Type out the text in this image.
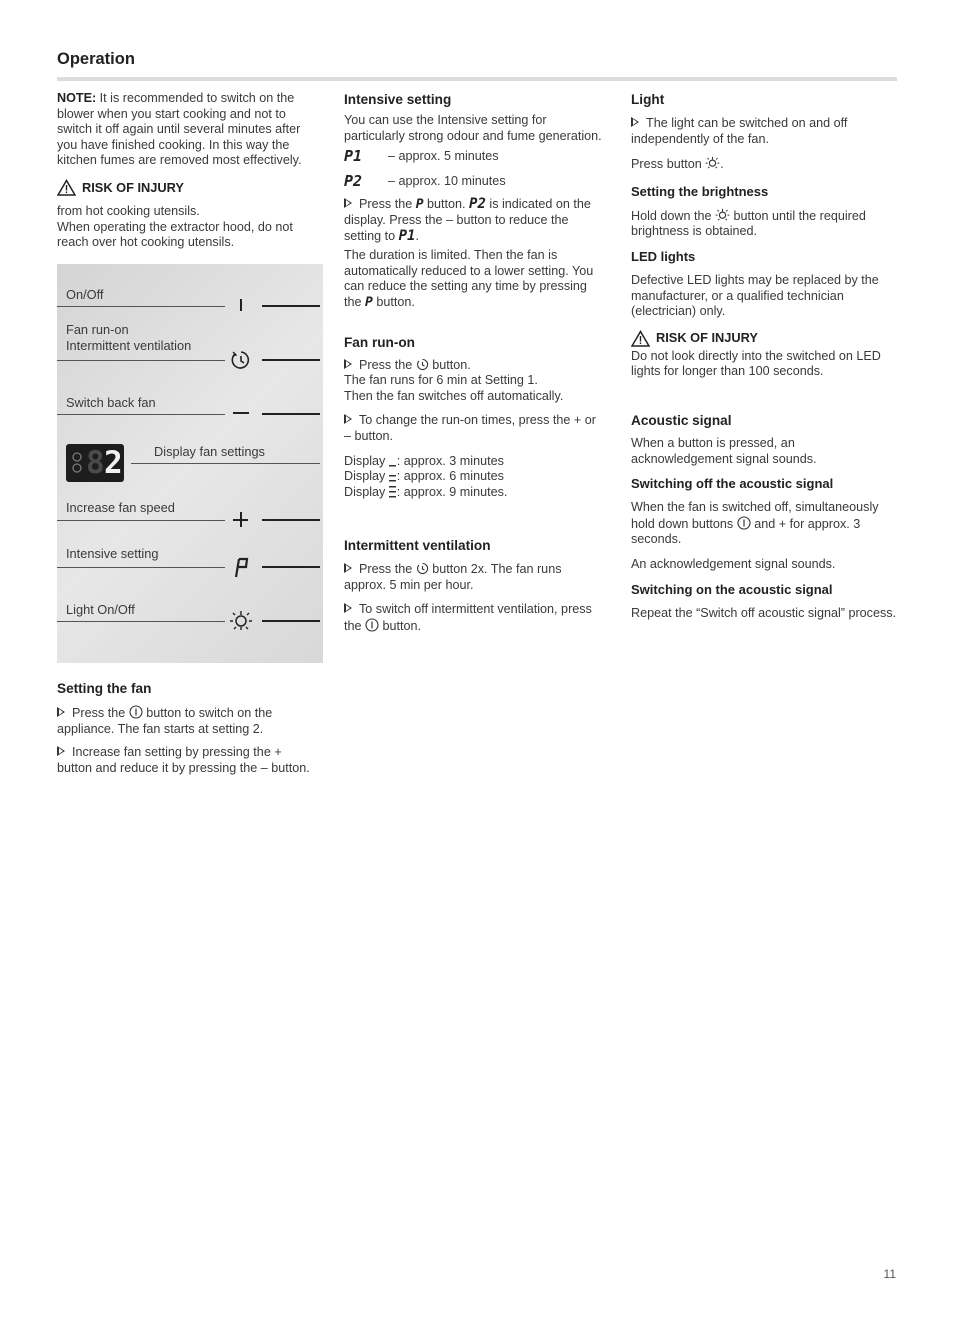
Operation

NOTE: It is recommended to switch on the blower when you start cooking and not to switch it off again until several minutes after you have finished cooking. In this way the kitchen fumes are removed most effectively.

RISK OF INJURY

from hot cooking utensils.

When operating the extractor hood, do not reach over hot cooking utensils.

On/Off
Fan run-on
Intermittent ventilation
Switch back fan
8 2 Display fan settings
Increase fan speed
Intensive setting
Light On/Off
Setting the fan

Press the  button to switch on the appliance. The fan starts at setting 2.

Increase fan setting by pressing the + button and reduce it by pressing the – button.

Intensive setting

You can use the Intensive setting for particularly strong odour and fume generation.

P1	– approx. 5 minutes
P2	– approx. 10 minutes

Press the P button. P2 is indicated on the display. Press the – button to reduce the setting to P1.

The duration is limited. Then the fan is automatically reduced to a lower setting. You can reduce the setting any time by pressing the P button.

Fan run-on

Press the  button.

The fan runs for 6 min at Setting 1.

Then the fan switches off automatically.

To change the run-on times, press the + or – button.

Display : approx. 3 minutes

Display : approx. 6 minutes

Display : approx. 9 minutes.

Intermittent ventilation

Press the  button 2x. The fan runs approx. 5 min per hour.

To switch off intermittent ventilation, press the  button.

Light

The light can be switched on and off independently of the fan.

Press button .

Setting the brightness

Hold down the  button until the required brightness is obtained.

LED lights

Defective LED lights may be replaced by the manufacturer, or a qualified technician (electrician) only.

RISK OF INJURY

Do not look directly into the switched on LED lights for longer than 100 seconds.

Acoustic signal

When a button is pressed, an acknowledgement signal sounds.

Switching off the acoustic signal

When the fan is switched off, simultaneously hold down buttons  and + for approx. 3 seconds.

An acknowledgement signal sounds.

Switching on the acoustic signal

Repeat the “Switch off acoustic signal” process.

11
